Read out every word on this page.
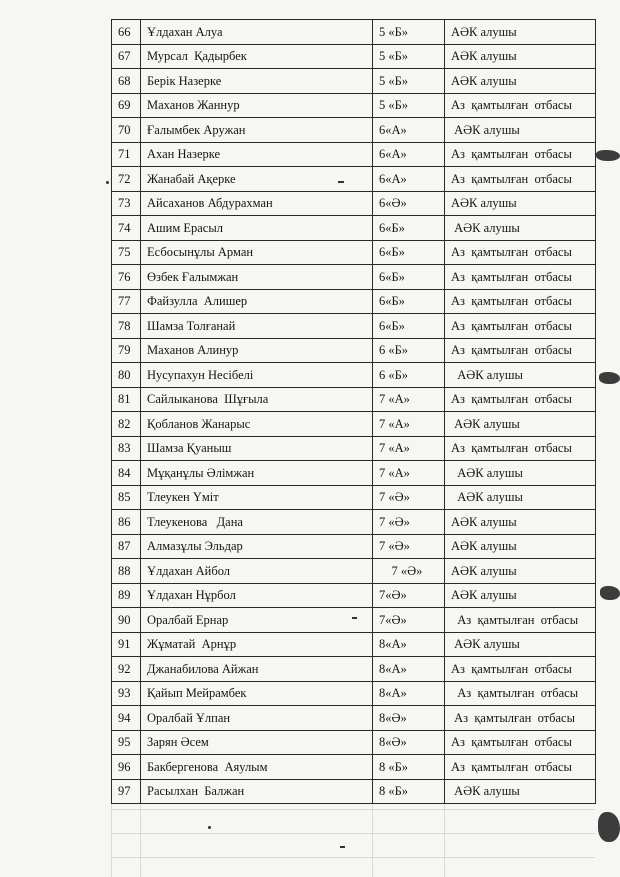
66	Ұлдахан Алуа	5 «Б»	АӘК алушы
67	Мурсал  Қадырбек	5 «Б»	АӘК алушы
68	Берік Назерке	5 «Б»	АӘК алушы
69	Маханов Жаннур	5 «Б»	Аз  қамтылған  отбасы
70	Ғалымбек Аружан	6«А»	АӘК алушы
71	Ахан Назерке	6«А»	Аз  қамтылған  отбасы
72	Жанабай Ақерке	6«А»	Аз  қамтылған  отбасы
73	Айсаханов Абдурахман	6«Ә»	АӘК алушы
74	Ашим Ерасыл	6«Б»	АӘК алушы
75	Есбосынұлы Арман	6«Б»	Аз  қамтылған  отбасы
76	Өзбек Ғалымжан	6«Б»	Аз  қамтылған  отбасы
77	Файзулла  Алишер	6«Б»	Аз  қамтылған  отбасы
78	Шамза Толғанай	6«Б»	Аз  қамтылған  отбасы
79	Маханов Алинур	6 «Б»	Аз  қамтылған  отбасы
80	Нусупахун Несібелі	6 «Б»	АӘК алушы
81	Сайлыканова  Шұғыла	7 «А»	Аз  қамтылған  отбасы
82	Қобланов Жанарыс	7 «А»	АӘК алушы
83	Шамза Қуаныш	7 «А»	Аз  қамтылған  отбасы
84	Мұқанұлы Әлімжан	7 «А»	АӘК алушы
85	Тлеукен Үміт	7 «Ә»	АӘК алушы
86	Тлеукенова   Дана	7 «Ә»	АӘК алушы
87	Алмазұлы Эльдар	7 «Ә»	АӘК алушы
88	Ұлдахан Айбол	7 «Ә»	АӘК алушы
89	Ұлдахан Нұрбол	7«Ә»	АӘК алушы
90	Оралбай Ернар	7«Ә»	Аз  қамтылған  отбасы
91	Жұматай  Арнұр	8«А»	АӘК алушы
92	Джанабилова Айжан	8«А»	Аз  қамтылған  отбасы
93	Қайып Мейрамбек	8«А»	Аз  қамтылған  отбасы
94	Оралбай Ұлпан	8«Ә»	Аз  қамтылған  отбасы
95	Зарян Әсем	8«Ә»	Аз  қамтылған  отбасы
96	Бакбергенова  Аяулым	8 «Б»	Аз  қамтылған  отбасы
97	Расылхан  Балжан	8 «Б»	АӘК алушы
